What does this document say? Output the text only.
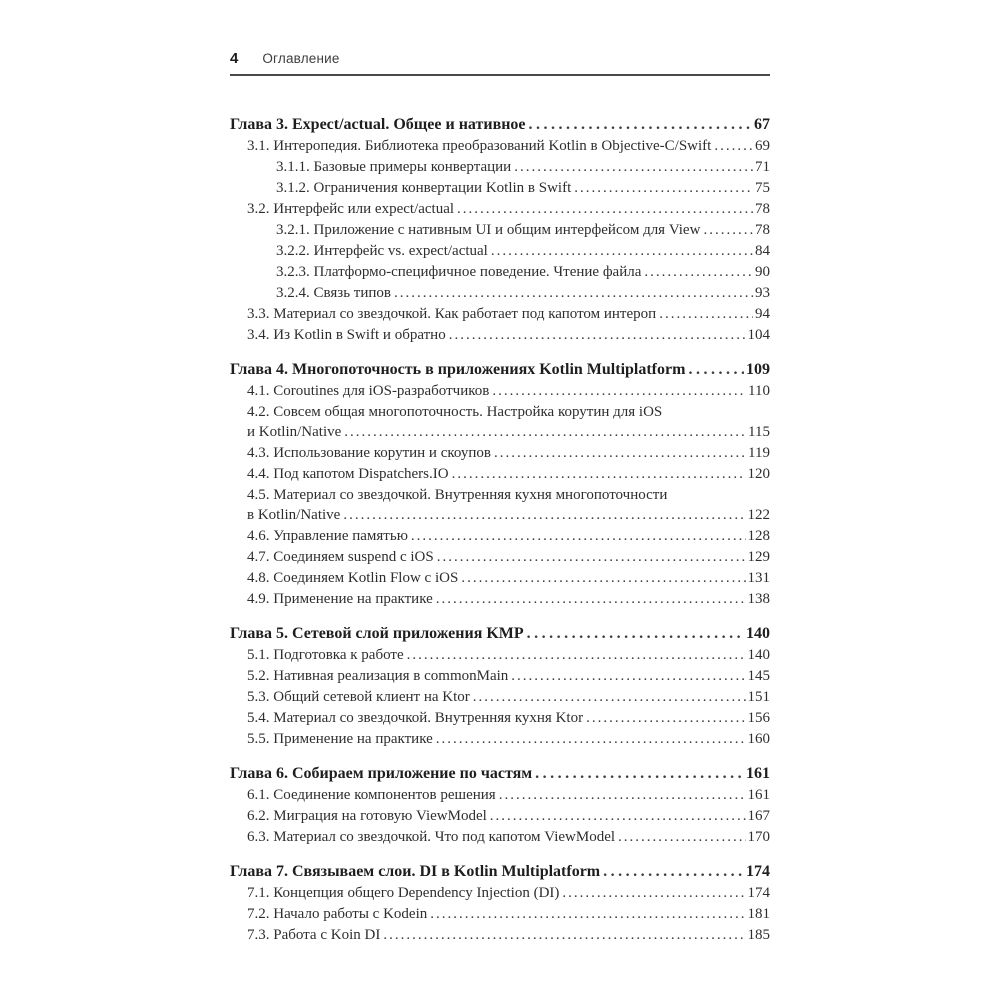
4 Оглавление
Глава 3. Expect/actual. Общее и нативное .....	67
3.1. Интеропедия. Библиотека преобразований Kotlin в Objective-C/Swift .....	69
3.1.1. Базовые примеры конвертации .....	71
3.1.2. Ограничения конвертации Kotlin в Swift .....	75
3.2. Интерфейс или expect/actual .....	78
3.2.1. Приложение с нативным UI и общим интерфейсом для View .....	78
3.2.2. Интерфейс vs. expect/actual .....	84
3.2.3. Платформо-специфичное поведение. Чтение файла .....	90
3.2.4. Связь типов .....	93
3.3. Материал со звездочкой. Как работает под капотом интероп .....	94
3.4. Из Kotlin в Swift и обратно .....	104
Глава 4. Многопоточность в приложениях Kotlin Multiplatform .....	109
4.1. Coroutines для iOS-разработчиков .....	110
4.2. Совсем общая многопоточность. Настройка корутин для iOS
и Kotlin/Native .....	115
4.3. Использование корутин и скоупов .....	119
4.4. Под капотом Dispatchers.IO .....	120
4.5. Материал со звездочкой. Внутренняя кухня многопоточности
в Kotlin/Native .....	122
4.6. Управление памятью .....	128
4.7. Соединяем suspend с iOS .....	129
4.8. Соединяем Kotlin Flow с iOS .....	131
4.9. Применение на практике .....	138
Глава 5. Сетевой слой приложения KMP .....	140
5.1. Подготовка к работе .....	140
5.2. Нативная реализация в commonMain .....	145
5.3. Общий сетевой клиент на Ktor .....	151
5.4. Материал со звездочкой. Внутренняя кухня Ktor .....	156
5.5. Применение на практике .....	160
Глава 6. Собираем приложение по частям .....	161
6.1. Соединение компонентов решения .....	161
6.2. Миграция на готовую ViewModel .....	167
6.3. Материал со звездочкой. Что под капотом ViewModel .....	170
Глава 7. Связываем слои. DI в Kotlin Multiplatform .....	174
7.1. Концепция общего Dependency Injection (DI) .....	174
7.2. Начало работы с Kodein .....	181
7.3. Работа с Koin DI .....	185
